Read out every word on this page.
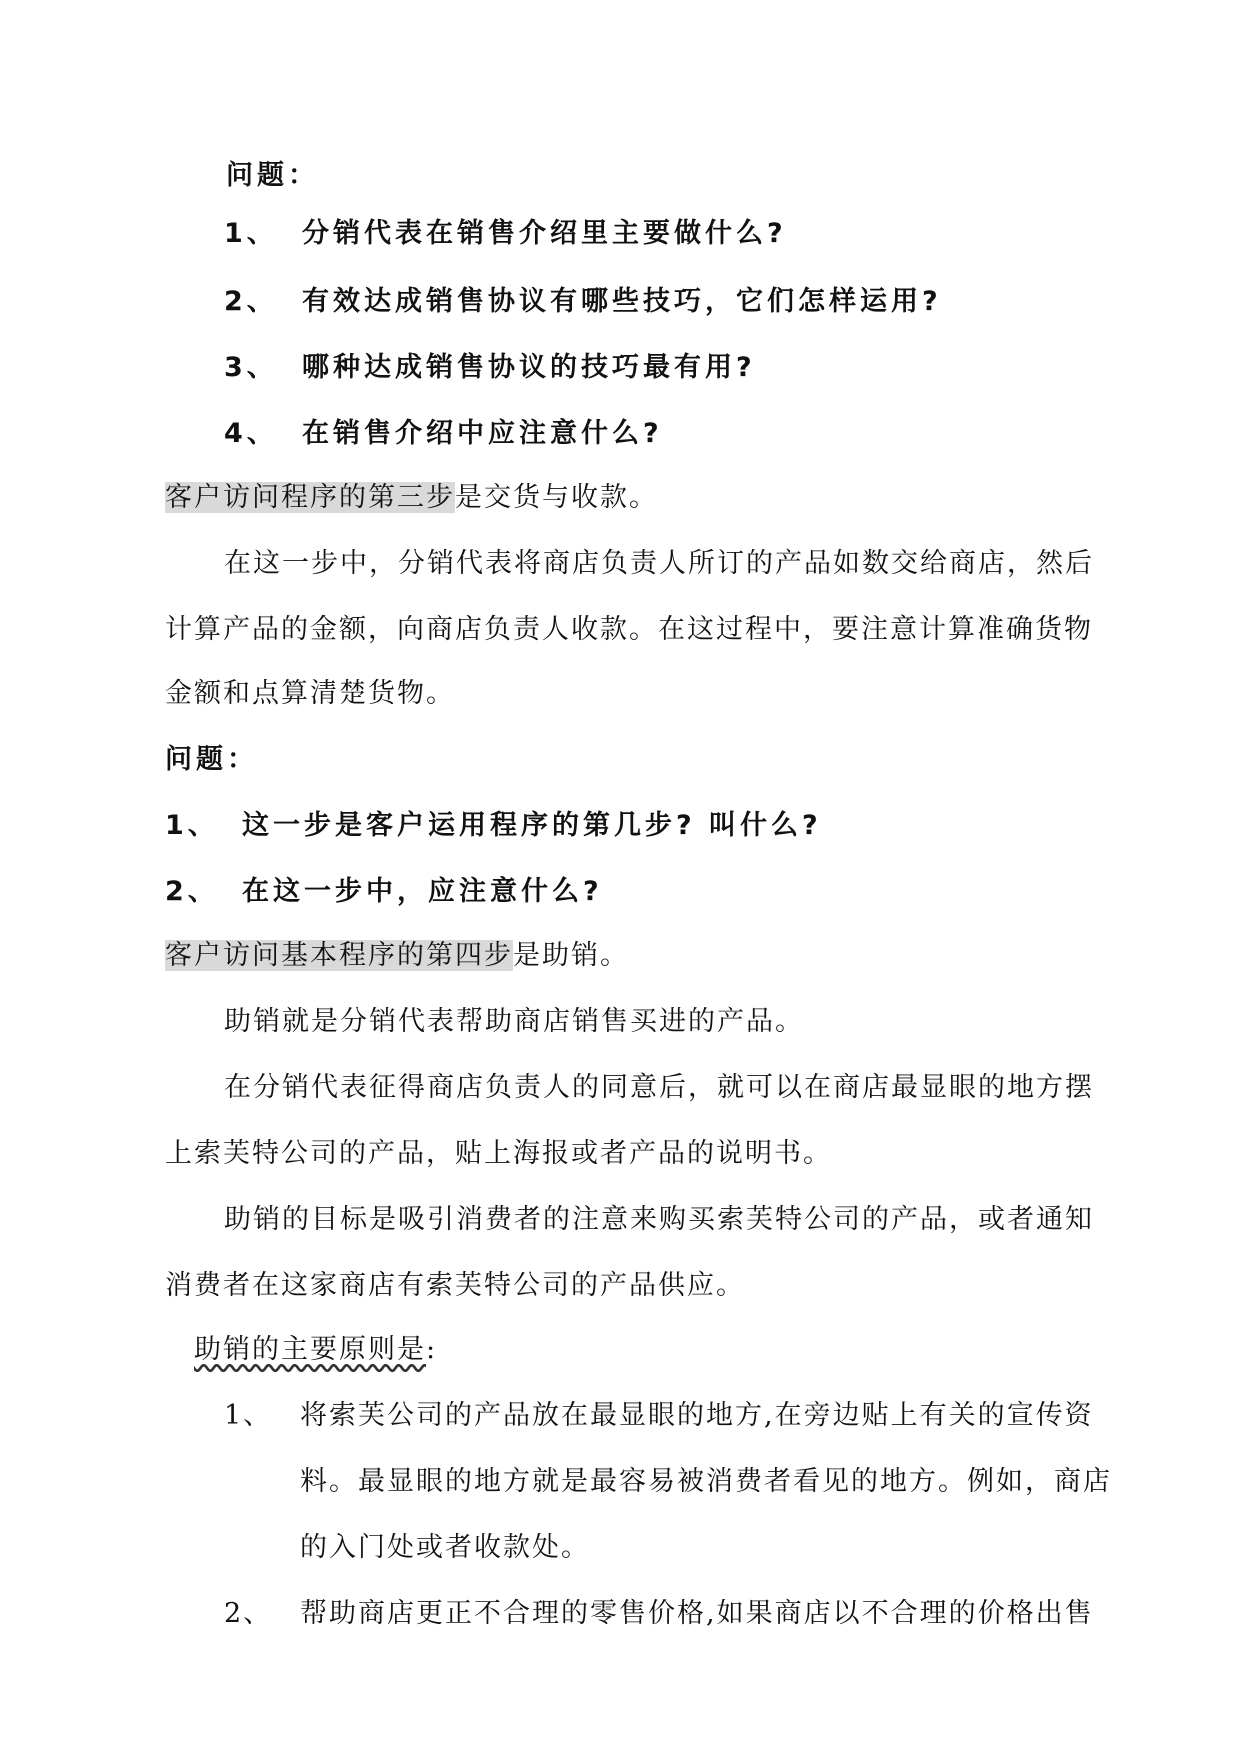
问题：
1、 分销代表在销售介绍里主要做什么?
2、 有效达成销售协议有哪些技巧，它们怎样运用?
3、 哪种达成销售协议的技巧最有用?
4、 在销售介绍中应注意什么?
客户访问程序的第三步是交货与收款。
在这一步中，分销代表将商店负责人所订的产品如数交给商店，然后
计算产品的金额，向商店负责人收款。在这过程中，要注意计算准确货物
金额和点算清楚货物。
问题：
1、 这一步是客户运用程序的第几步? 叫什么?
2、 在这一步中，应注意什么?
客户访问基本程序的第四步是助销。
助销就是分销代表帮助商店销售买进的产品。
在分销代表征得商店负责人的同意后，就可以在商店最显眼的地方摆
上索芙特公司的产品，贴上海报或者产品的说明书。
助销的目标是吸引消费者的注意来购买索芙特公司的产品，或者通知
消费者在这家商店有索芙特公司的产品供应。
助销的主要原则是:
1、 将索芙公司的产品放在最显眼的地方,在旁边贴上有关的宣传资
料。最显眼的地方就是最容易被消费者看见的地方。例如，商店
的入门处或者收款处。
2、 帮助商店更正不合理的零售价格,如果商店以不合理的价格出售
